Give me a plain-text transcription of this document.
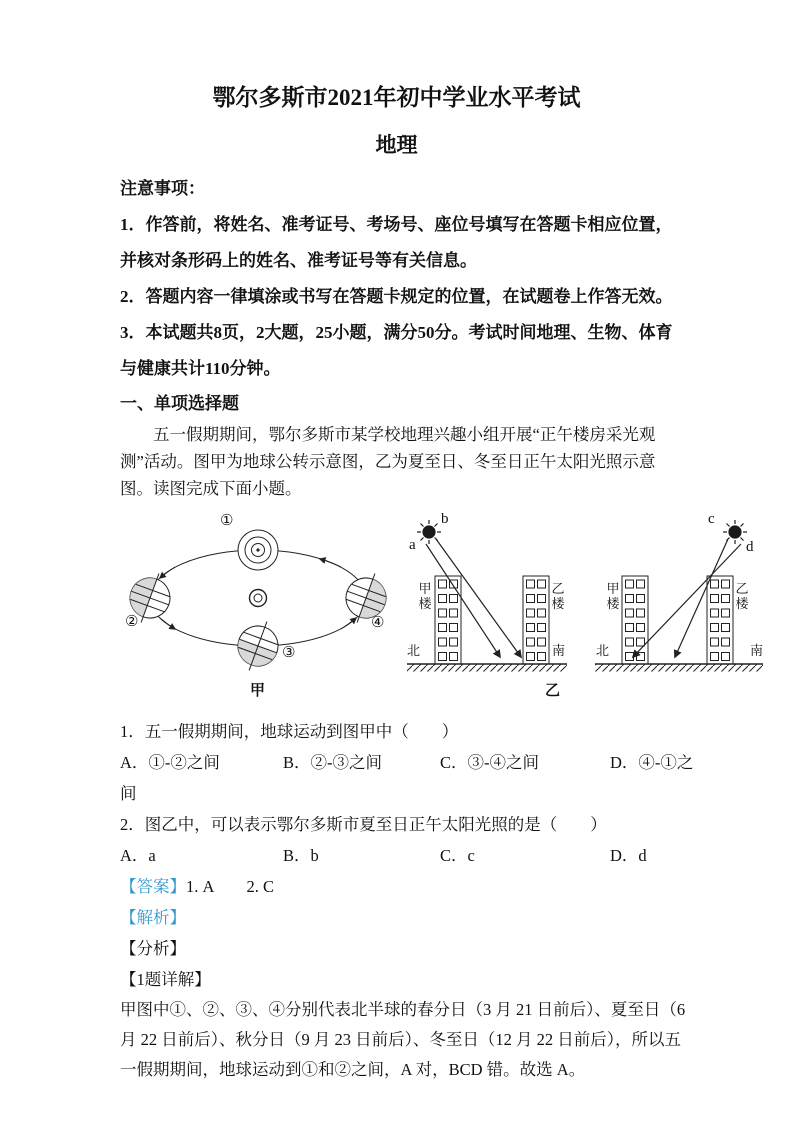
鄂尔多斯市2021年初中学业水平考试
地理
注意事项：
1．作答前，将姓名、准考证号、考场号、座位号填写在答题卡相应位置，并核对条形码上的姓名、准考证号等有关信息。
2．答题内容一律填涂或书写在答题卡规定的位置，在试题卷上作答无效。
3．本试题共8页，2大题，25小题，满分50分。考试时间地理、生物、体育与健康共计110分钟。
一、单项选择题
五一假期期间，鄂尔多斯市某学校地理兴趣小组开展“正午楼房采光观测”活动。图甲为地球公转示意图，乙为夏至日、冬至日正午太阳光照示意图。读图完成下面小题。
①
②
③
④
甲
b
a
甲楼
乙楼
北	南
c
d
甲楼
乙楼
北	南
乙
1．五一假期期间，地球运动到图甲中（　　）
A．①-②之间	B．②-③之间	C．③-④之间	D．④-①之间
2．图乙中，可以表示鄂尔多斯市夏至日正午太阳光照的是（　　）
A．a	B．b	C．c	D．d
【答案】1. A　　2. C
【解析】
【分析】
【1题详解】
甲图中①、②、③、④分别代表北半球的春分日（3 月 21 日前后）、夏至日（6 月 22 日前后）、秋分日（9 月 23 日前后）、冬至日（12 月 22 日前后），所以五一假期期间，地球运动到①和②之间，A 对，BCD 错。故选 A。
